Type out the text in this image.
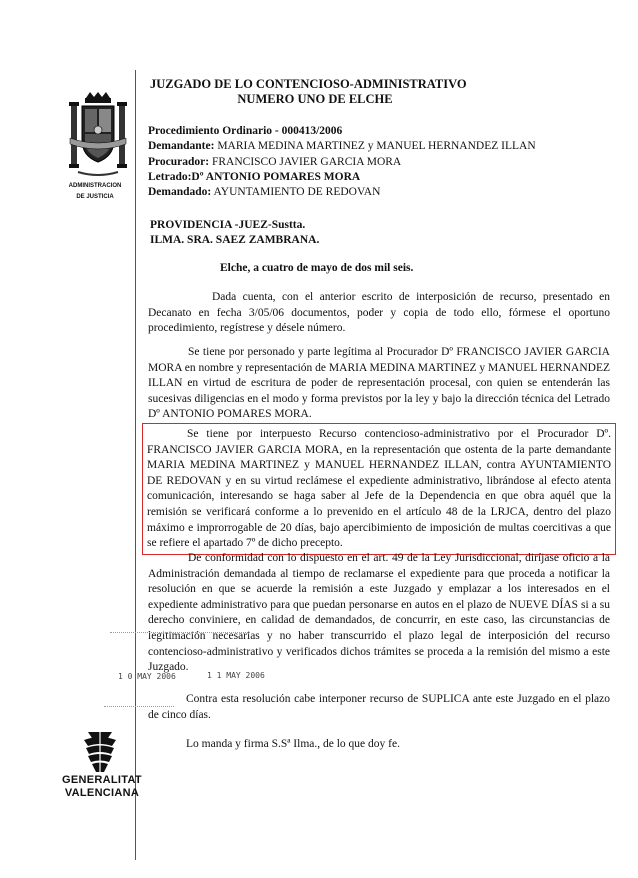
ADMINISTRACION
DE JUSTICIA
JUZGADO DE LO CONTENCIOSO-ADMINISTRATIVO
NUMERO UNO DE ELCHE
Procedimiento Ordinario - 000413/2006
Demandante: MARIA MEDINA MARTINEZ y MANUEL HERNANDEZ ILLAN
Procurador: FRANCISCO JAVIER GARCIA MORA
Letrado:Dº ANTONIO POMARES MORA
Demandado: AYUNTAMIENTO DE REDOVAN
PROVIDENCIA -JUEZ-Sustta.
ILMA. SRA. SAEZ ZAMBRANA.
Elche, a cuatro de mayo de dos mil seis.
Dada cuenta, con el anterior escrito de interposición de recurso, presentado en Decanato en fecha 3/05/06 documentos, poder y copia de todo ello, fórmese el oportuno procedimiento, regístrese y désele número.
Se tiene por personado y parte legítima al Procurador Dº FRANCISCO JAVIER GARCIA MORA en nombre y representación de MARIA MEDINA MARTINEZ y MANUEL HERNANDEZ ILLAN en virtud de escritura de poder de representación procesal, con quien se entenderán las sucesivas diligencias en el modo y forma previstos por la ley y bajo la dirección técnica del Letrado Dº ANTONIO POMARES MORA.
Se tiene por interpuesto Recurso contencioso-administrativo por el Procurador Dº. FRANCISCO JAVIER GARCIA MORA, en la representación que ostenta de la parte demandante MARIA MEDINA MARTINEZ y MANUEL HERNANDEZ ILLAN, contra AYUNTAMIENTO DE REDOVAN y en su virtud reclámese el expediente administrativo, librándose al efecto atenta comunicación, interesando se haga saber al Jefe de la Dependencia en que obra aquél que la remisión se verificará conforme a lo prevenido en el artículo 48 de la LRJCA, dentro del plazo máximo e improrrogable de 20 días, bajo apercibimiento de imposición de multas coercitivas a que se refiere el apartado 7º de dicho precepto.
De conformidad con lo dispuesto en el art. 49 de la Ley Jurisdiccional, diríjase oficio a la Administración demandada al tiempo de reclamarse el expediente para que proceda a notificar la resolución en que se acuerde la remisión a este Juzgado y emplazar a los interesados en el expediente administrativo para que puedan personarse en autos en el plazo de NUEVE DÍAS si a su derecho conviniere, en calidad de demandados, de concurrir, en este caso, las circunstancias de legitimación necesarias y no haber transcurrido el plazo legal de interposición del recurso contencioso-administrativo y verificados dichos trámites se proceda a la remisión del mismo a este Juzgado.
Contra esta resolución cabe interponer recurso de SUPLICA ante este Juzgado en el plazo de cinco días.
Lo manda y firma S.Sª Ilma., de lo que doy fe.
1 0 MAY 2006	1 1 MAY 2006
GENERALITAT
VALENCIANA
